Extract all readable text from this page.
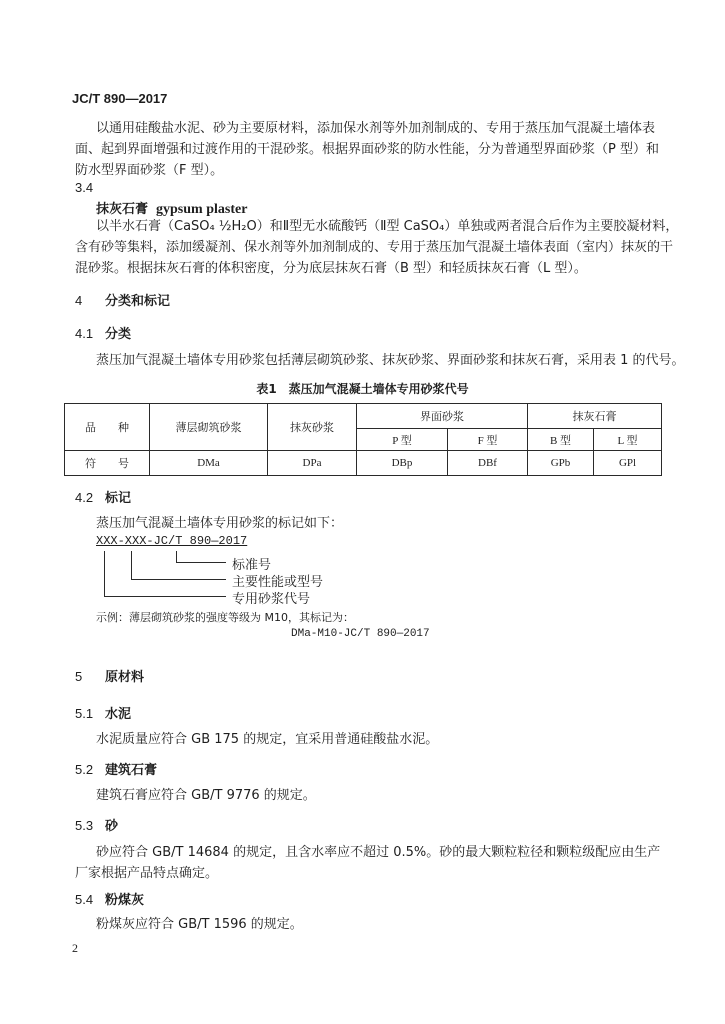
JC/T 890—2017
以通用硅酸盐水泥、砂为主要原材料，添加保水剂等外加剂制成的、专用于蒸压加气混凝土墙体表
面、起到界面增强和过渡作用的干混砂浆。根据界面砂浆的防水性能，分为普通型界面砂浆（P 型）和
防水型界面砂浆（F 型）。
3.4
抹灰石膏 gypsum plaster
以半水石膏（CaSO₄ ½H₂O）和Ⅱ型无水硫酸钙（Ⅱ型 CaSO₄）单独或两者混合后作为主要胶凝材料，
含有砂等集料，添加缓凝剂、保水剂等外加剂制成的、专用于蒸压加气混凝土墙体表面（室内）抹灰的干
混砂浆。根据抹灰石膏的体积密度，分为底层抹灰石膏（B 型）和轻质抹灰石膏（L 型）。
4 分类和标记
4.1 分类
蒸压加气混凝土墙体专用砂浆包括薄层砌筑砂浆、抹灰砂浆、界面砂浆和抹灰石膏，采用表 1 的代号。
表1　蒸压加气混凝土墙体专用砂浆代号
品　　种	薄层砌筑砂浆	抹灰砂浆	界面砂浆		抹灰石膏	
			P 型	F 型	B 型	L 型
符　　号	DMa	DPa	DBp	DBf	GPb	GPl
4.2 标记
蒸压加气混凝土墙体专用砂浆的标记如下：
XXX-XXX-JC/T 890—2017
标准号
主要性能或型号
专用砂浆代号
示例：薄层砌筑砂浆的强度等级为 M10，其标记为：
DMa-M10-JC/T 890—2017
5 原材料
5.1 水泥
水泥质量应符合 GB 175 的规定，宜采用普通硅酸盐水泥。
5.2 建筑石膏
建筑石膏应符合 GB/T 9776 的规定。
5.3 砂
砂应符合 GB/T 14684 的规定，且含水率应不超过 0.5%。砂的最大颗粒粒径和颗粒级配应由生产
厂家根据产品特点确定。
5.4 粉煤灰
粉煤灰应符合 GB/T 1596 的规定。
2
